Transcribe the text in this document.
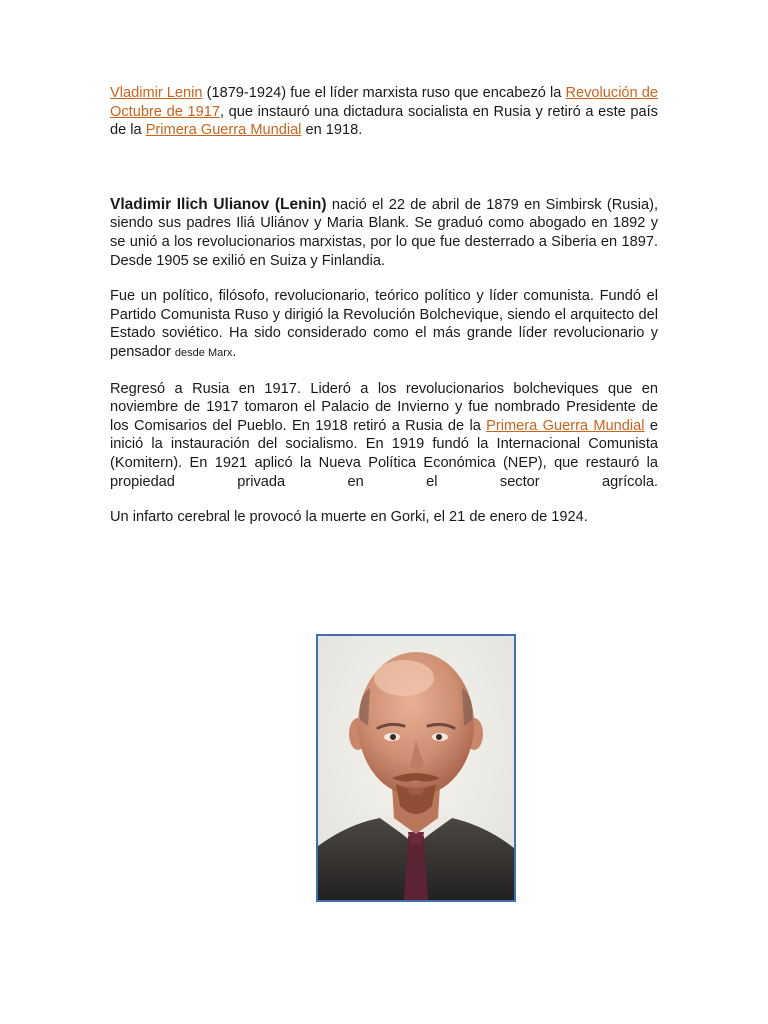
Vladimir Lenin (1879-1924) fue el líder marxista ruso que encabezó la Revolución de Octubre de 1917, que instauró una dictadura socialista en Rusia y retiró a este país de la Primera Guerra Mundial en 1918.

Vladimir Ilich Ulianov (Lenin) nació el 22 de abril de 1879 en Simbirsk (Rusia), siendo sus padres Iliá Uliánov y Maria Blank. Se graduó como abogado en 1892 y se unió a los revolucionarios marxistas, por lo que fue desterrado a Siberia en 1897. Desde 1905 se exilió en Suiza y Finlandia.

Fue un político, filósofo, revolucionario, teórico político y líder comunista. Fundó el Partido Comunista Ruso y dirigió la Revolución Bolchevique, siendo el arquitecto del Estado soviético. Ha sido considerado como el más grande líder revolucionario y pensador desde Marx.

Regresó a Rusia en 1917. Lideró a los revolucionarios bolcheviques que en noviembre de 1917 tomaron el Palacio de Invierno y fue nombrado Presidente de los Comisarios del Pueblo. En 1918 retiró a Rusia de la Primera Guerra Mundial e inició la instauración del socialismo. En 1919 fundó la Internacional Comunista (Komitern). En 1921 aplicó la Nueva Política Económica (NEP), que restauró la propiedad privada en el sector agrícola.

Un infarto cerebral le provocó la muerte en Gorki, el 21 de enero de 1924.
